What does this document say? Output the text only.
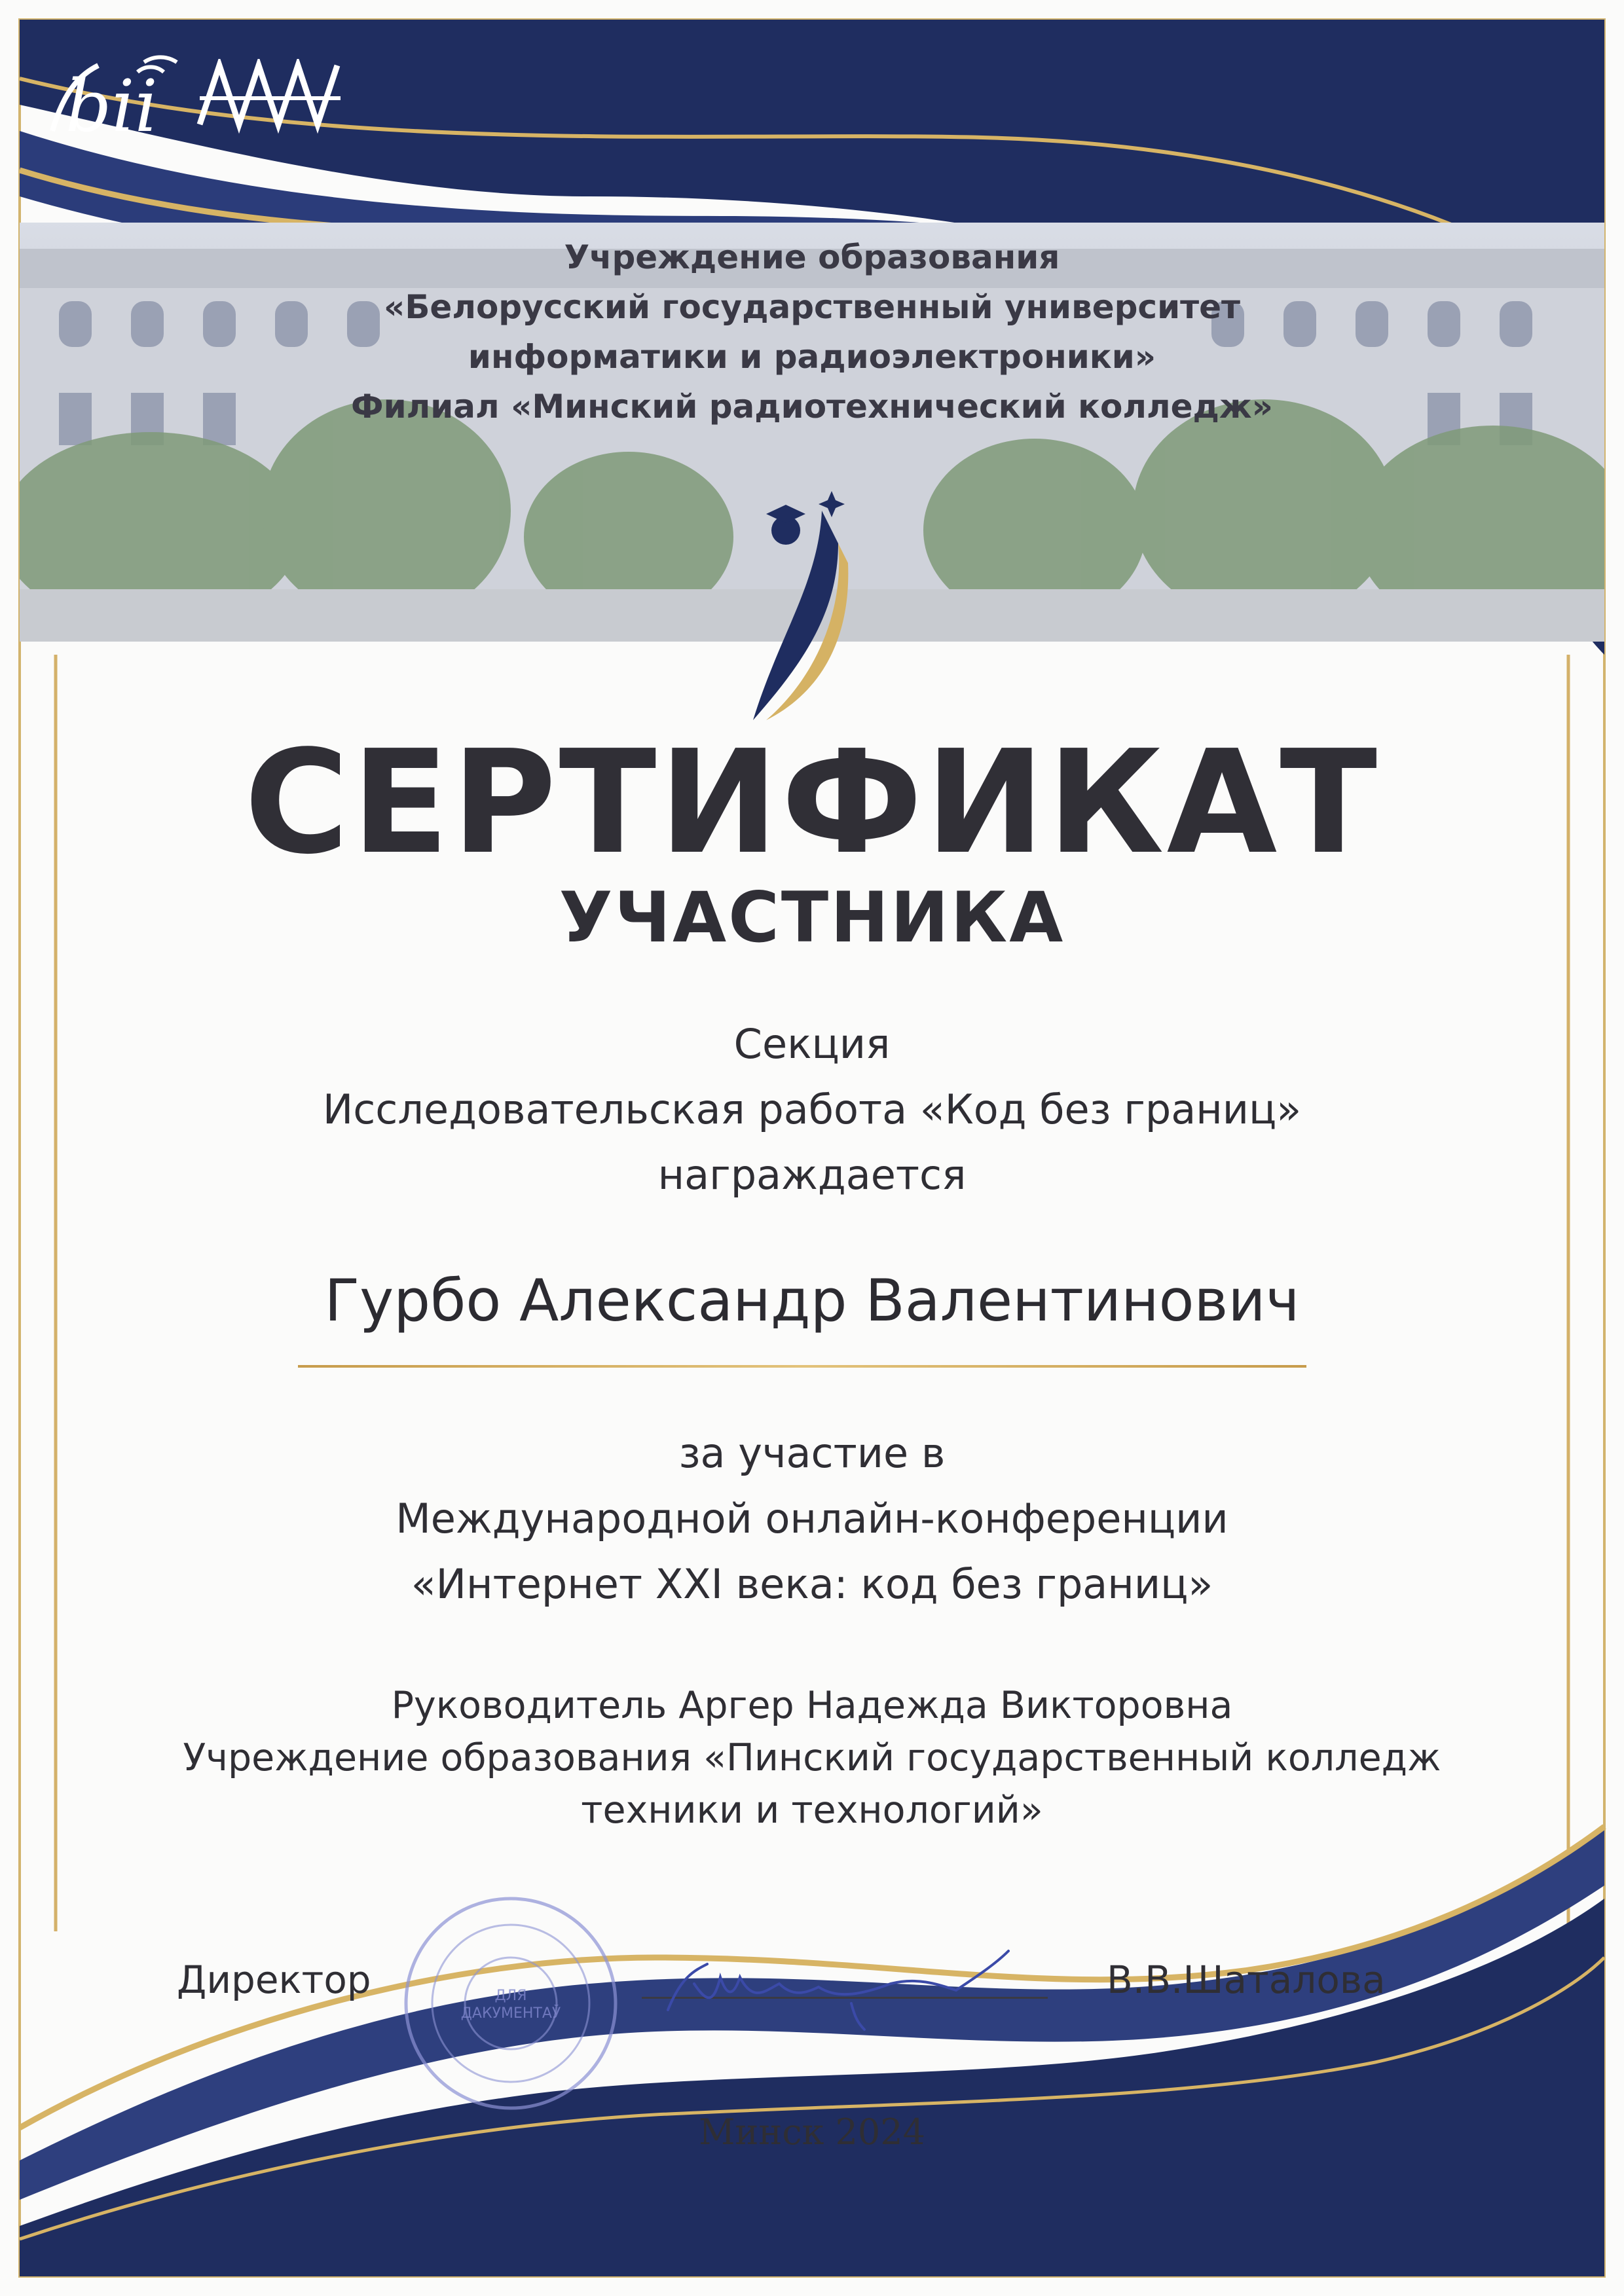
bii
Учреждение образования
«Белорусский государственный университет
информатики и радиоэлектроники»
Филиал «Минский радиотехнический колледж»
СЕРТИФИКАТ
УЧАСТНИКА
Секция
Исследовательская работа «Код без границ»
награждается
Гурбо Александр Валентинович
за участие в
Международной онлайн-конференции
«Интернет XXI века: код без границ»
Руководитель Аргер Надежда Викторовна
Учреждение образования «Пинский государственный колледж
техники и технологий»
Директор	ДЛЯ
ДАКУМЕНТАЎ
В.В.Шаталова
Минск 2024
